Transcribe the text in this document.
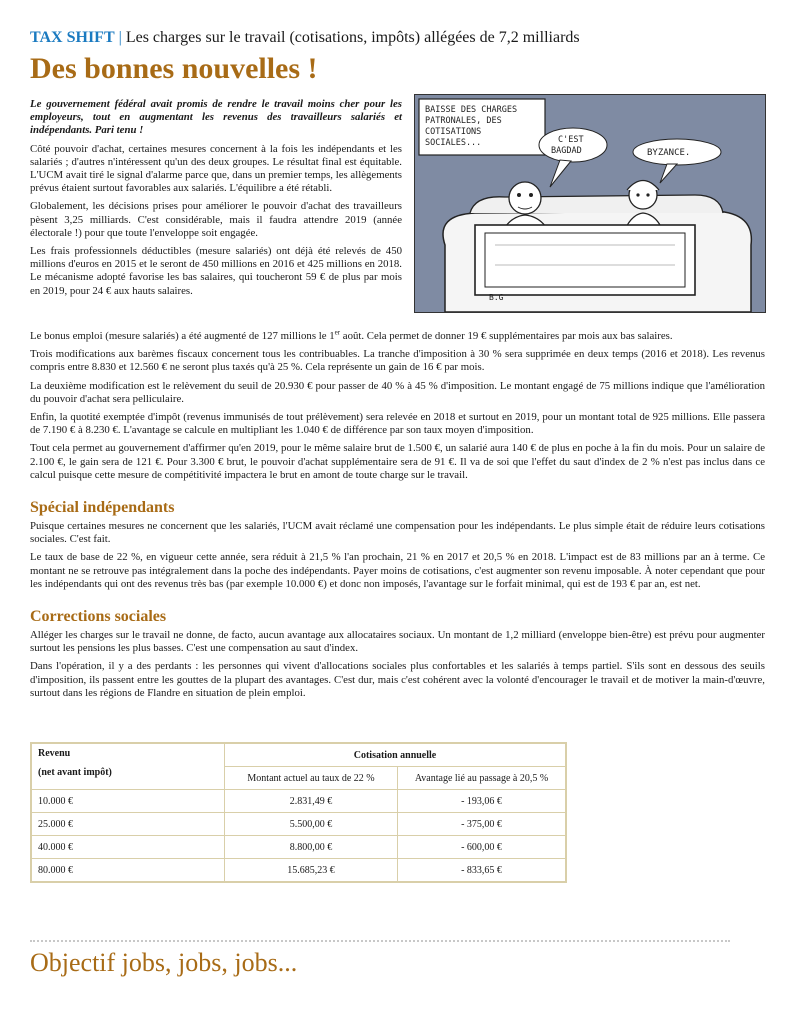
TAX SHIFT | Les charges sur le travail (cotisations, impôts) allégées de 7,2 milliards
Des bonnes nouvelles !

Le gouvernement fédéral avait promis de rendre le travail moins cher pour les employeurs, tout en augmentant les revenus des travailleurs salariés et indépendants. Pari tenu !

Côté pouvoir d'achat, certaines mesures concernent à la fois les indépendants et les salariés ; d'autres n'intéressent qu'un des deux groupes. Le résultat final est équitable. L'UCM avait tiré le signal d'alarme parce que, dans un premier temps, les allègements prévus étaient surtout favorables aux salariés. L'équilibre a été rétabli.

Globalement, les décisions prises pour améliorer le pouvoir d'achat des travailleurs pèsent 3,25 milliards. C'est considérable, mais il faudra attendre 2019 (année électorale !) pour que toute l'enveloppe soit engagée.

Les frais professionnels déductibles (mesure salariés) ont déjà été relevés de 450 millions d'euros en 2015 et le seront de 450 millions en 2016 et 425 millions en 2018. Le mécanisme adopté favorise les bas salaires, qui toucheront 59 € de plus par mois en 2019, pour 24 € aux hauts salaires.

BAISSE DES CHARGES PATRONALES, DES COTISATIONS SOCIALES...	C'EST BAGDAD	BYZANCE.
B.G

Le bonus emploi (mesure salariés) a été augmenté de 127 millions le 1er août. Cela permet de donner 19 € supplémentaires par mois aux bas salaires.

Trois modifications aux barèmes fiscaux concernent tous les contribuables. La tranche d'imposition à 30 % sera supprimée en deux temps (2016 et 2018). Les revenus compris entre 8.830 et 12.560 € ne seront plus taxés qu'à 25 %. Cela représente un gain de 16 € par mois.

La deuxième modification est le relèvement du seuil de 20.930 € pour passer de 40 % à 45 % d'imposition. Le montant engagé de 75 millions indique que l'amélioration du pouvoir d'achat sera pelliculaire.

Enfin, la quotité exemptée d'impôt (revenus immunisés de tout prélèvement) sera relevée en 2018 et surtout en 2019, pour un montant total de 925 millions. Elle passera de 7.190 € à 8.230 €. L'avantage se calcule en multipliant les 1.040 € de différence par son taux moyen d'imposition.

Tout cela permet au gouvernement d'affirmer qu'en 2019, pour le même salaire brut de 1.500 €, un salarié aura 140 € de plus en poche à la fin du mois. Pour un salaire de 2.100 €, le gain sera de 121 €. Pour 3.300 € brut, le pouvoir d'achat supplémentaire sera de 91 €. Il va de soi que l'effet du saut d'index de 2 % n'est pas inclus dans ce calcul puisque cette mesure de compétitivité impactera le brut en amont de toute charge sur le travail.

Spécial indépendants

Puisque certaines mesures ne concernent que les salariés, l'UCM avait réclamé une compensation pour les indépendants. Le plus simple était de réduire leurs cotisations sociales. C'est fait.

Le taux de base de 22 %, en vigueur cette année, sera réduit à 21,5 % l'an prochain, 21 % en 2017 et 20,5 % en 2018. L'impact est de 83 millions par an à terme. Ce montant ne se retrouve pas intégralement dans la poche des indépendants. Payer moins de cotisations, c'est augmenter son revenu imposable. À noter cependant que pour les indépendants qui ont des revenus très bas (par exemple 10.000 €) et donc non imposés, l'avantage sur le forfait minimal, qui est de 193 € par an, est net.

Corrections sociales

Alléger les charges sur le travail ne donne, de facto, aucun avantage aux allocataires sociaux. Un montant de 1,2 milliard (enveloppe bien-être) est prévu pour augmenter surtout les pensions les plus basses. C'est une compensation au saut d'index.

Dans l'opération, il y a des perdants : les personnes qui vivent d'allocations sociales plus confortables et les salariés à temps partiel. S'ils sont en dessous des seuils d'imposition, ils passent entre les gouttes de la plupart des avantages. C'est dur, mais c'est cohérent avec la volonté d'encourager le travail et de motiver la main-d'œuvre, surtout dans les régions de Flandre en situation de plein emploi.

Revenu
(net avant impôt)	Cotisation annuelle	
	Montant actuel au taux de 22 %	Avantage lié au passage à 20,5 %
10.000 €	2.831,49 €	- 193,06 €
25.000 €	5.500,00 €	- 375,00 €
40.000 €	8.800,00 €	- 600,00 €
80.000 €	15.685,23 €	- 833,65 €
Objectif jobs, jobs, jobs...
